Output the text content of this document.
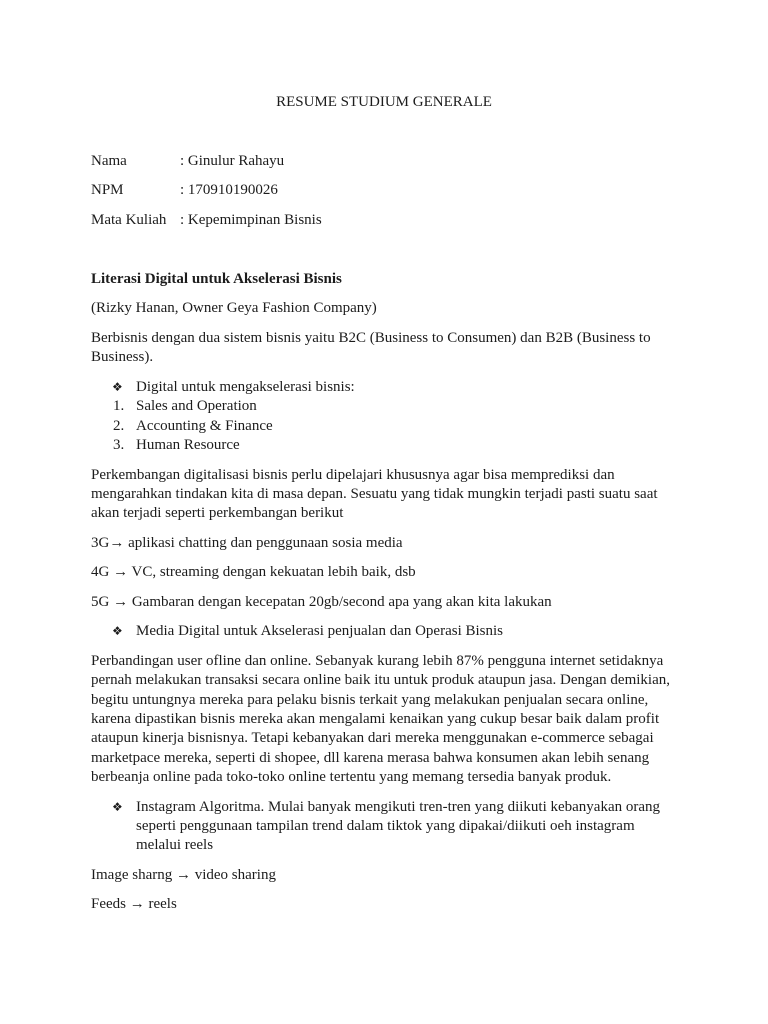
RESUME STUDIUM GENERALE
Nama	: Ginulur Rahayu
NPM	: 170910190026
Mata Kuliah : Kepemimpinan Bisnis
Literasi Digital untuk Akselerasi Bisnis
(Rizky Hanan, Owner Geya Fashion Company)
Berbisnis dengan dua sistem bisnis yaitu B2C (Business to Consumen) dan B2B (Business to
Business).
❖ Digital untuk mengakselerasi bisnis:
1. Sales and Operation
2. Accounting & Finance
3. Human Resource
Perkembangan digitalisasi bisnis perlu dipelajari khususnya agar bisa memprediksi dan
mengarahkan tindakan kita di masa depan. Sesuatu yang tidak mungkin terjadi pasti suatu saat
akan terjadi seperti perkembangan berikut
3G→ aplikasi chatting dan penggunaan sosia media
4G → VC, streaming dengan kekuatan lebih baik, dsb
5G → Gambaran dengan kecepatan 20gb/second apa yang akan kita lakukan
❖ Media Digital untuk Akselerasi penjualan dan Operasi Bisnis
Perbandingan user ofline dan online. Sebanyak kurang lebih 87% pengguna internet setidaknya
pernah melakukan transaksi secara online baik itu untuk produk ataupun jasa. Dengan demikian,
begitu untungnya mereka para pelaku bisnis terkait yang melakukan penjualan secara online,
karena dipastikan bisnis mereka akan mengalami kenaikan yang cukup besar baik dalam profit
ataupun kinerja bisnisnya. Tetapi kebanyakan dari mereka menggunakan e-commerce sebagai
marketpace mereka, seperti di shopee, dll karena merasa bahwa konsumen akan lebih senang
berbeanja online pada toko-toko online tertentu yang memang tersedia banyak produk.
❖ Instagram Algoritma. Mulai banyak mengikuti tren-tren yang diikuti kebanyakan orang
seperti penggunaan tampilan trend dalam tiktok yang dipakai/diikuti oeh instagram
melalui reels
Image sharng → video sharing
Feeds → reels
